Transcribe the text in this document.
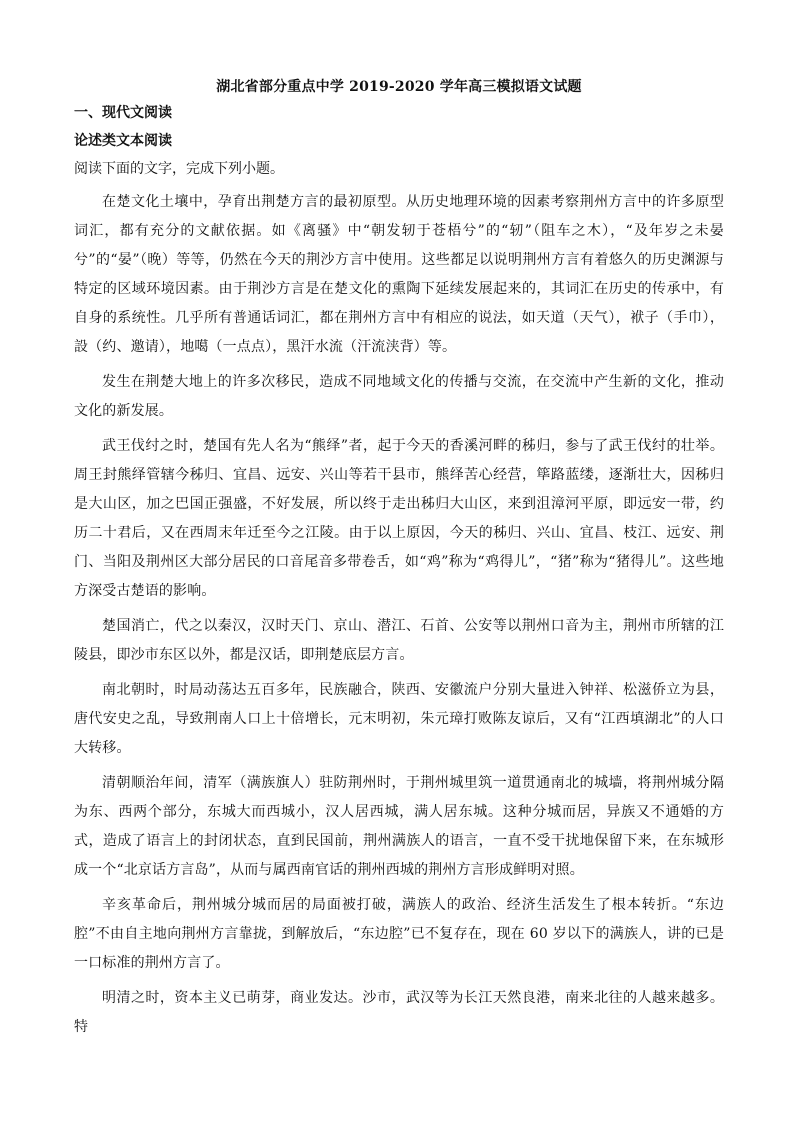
湖北省部分重点中学 2019-2020 学年高三模拟语文试题
一、现代文阅读
论述类文本阅读
阅读下面的文字，完成下列小题。

在楚文化土壤中，孕育出荆楚方言的最初原型。从历史地理环境的因素考察荆州方言中的许多原型词汇，都有充分的文献依据。如《离骚》中“朝发轫于苍梧兮”的“轫”（阻车之木），“及年岁之未晏兮”的“晏”（晚）等等，仍然在今天的荆沙方言中使用。这些都足以说明荆州方言有着悠久的历史渊源与特定的区域环境因素。由于荆沙方言是在楚文化的熏陶下延续发展起来的，其词汇在历史的传承中，有自身的系统性。几乎所有普通话词汇，都在荆州方言中有相应的说法，如天道（天气），袱子（手巾），設（约、邀请），地噶（一点点），黑汗水流（汗流浃背）等。

发生在荆楚大地上的许多次移民，造成不同地域文化的传播与交流，在交流中产生新的文化，推动文化的新发展。

武王伐纣之时，楚国有先人名为“熊绎”者，起于今天的香溪河畔的秭归，参与了武王伐纣的壮举。周王封熊绎管辖今秭归、宜昌、远安、兴山等若干县市，熊绎苦心经营，筚路蓝缕，逐渐壮大，因秭归是大山区，加之巴国正强盛，不好发展，所以终于走出秭归大山区，来到沮漳河平原，即远安一带，约历二十君后，又在西周末年迁至今之江陵。由于以上原因，今天的秭归、兴山、宜昌、枝江、远安、荆门、当阳及荆州区大部分居民的口音尾音多带卷舌，如“鸡”称为“鸡得儿”，“猪”称为“猪得儿”。这些地方深受古楚语的影响。

楚国消亡，代之以秦汉，汉时天门、京山、潜江、石首、公安等以荆州口音为主，荆州市所辖的江陵县，即沙市东区以外，都是汉话，即荆楚底层方言。

南北朝时，时局动荡达五百多年，民族融合，陕西、安徽流户分别大量进入钟祥、松滋侨立为县，唐代安史之乱，导致荆南人口上十倍增长，元末明初，朱元璋打败陈友谅后，又有“江西填湖北”的人口大转移。

清朝顺治年间，清军（满族旗人）驻防荆州时，于荆州城里筑一道贯通南北的城墙，将荆州城分隔为东、西两个部分，东城大而西城小，汉人居西城，满人居东城。这种分城而居，异族又不通婚的方式，造成了语言上的封闭状态，直到民国前，荆州满族人的语言，一直不受干扰地保留下来，在东城形成一个“北京话方言岛”，从而与属西南官话的荆州西城的荆州方言形成鲜明对照。

辛亥革命后，荆州城分城而居的局面被打破，满族人的政治、经济生活发生了根本转折。“东边腔”不由自主地向荆州方言靠拢，到解放后，“东边腔”已不复存在，现在 60 岁以下的满族人，讲的已是一口标准的荆州方言了。

明清之时，资本主义已萌芽，商业发达。沙市，武汉等为长江天然良港，南来北往的人越来越多。特
